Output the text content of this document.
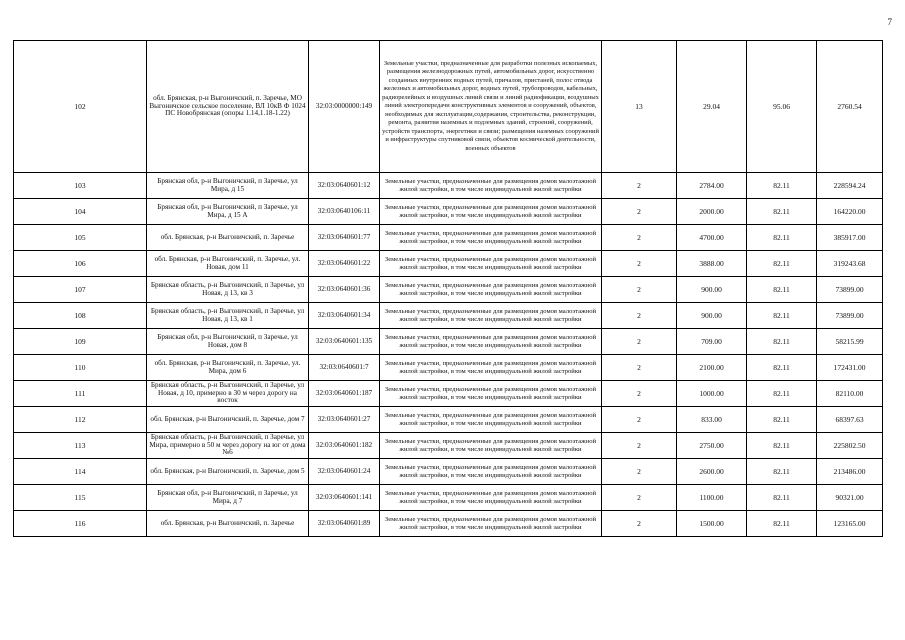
7
102	обл. Брянская, р-н Выгоничский, п. Заречье, МО Выгоничское сельское поселение, ВЛ 10кВ Ф 1024 ПС Новобрянская (опоры 1.14,1.18-1.22)	32:03:0000000:149	Земельные участки, предназначенные для разработки полезных ископаемых, размещения железнодорожных путей, автомобильных дорог, искусственно созданных внутренних водных путей, причалов, пристаней, полос отвода железных и автомобильных дорог, водных путей, трубопроводов, кабельных, радиорелейных и воздушных линий связи и линий радиофикации, воздушных линий электропередачи конструктивных элементов и сооружений, объектов, необходимых для эксплуатации,содержания, строительства, реконструкции, ремонта, развития наземных и подземных зданий, строений, сооружений, устройств транспорта, энергетики и связи; размещения наземных сооружений и инфраструктуры спутниковой связи, объектов космической деятельности, военных объектов	13	29.04	95.06	2760.54
103	Брянская обл, р-н Выгоничский, п Заречье, ул Мира, д 15	32:03:0640601:12	Земельные участки, предназначенные для размещения домов малоэтажной жилой застройки, в том числе индивидуальной жилой застройки	2	2784.00	82.11	228594.24
104	Брянская обл, р-н Выгоничский, п Заречье, ул Мира, д 15 А	32:03:0640106:11	Земельные участки, предназначенные для размещения домов малоэтажной жилой застройки, в том числе индивидуальной жилой застройки	2	2000.00	82.11	164220.00
105	обл. Брянская, р-н Выгоничский, п. Заречье	32:03:0640601:77	Земельные участки, предназначенные для размещения домов малоэтажной жилой застройки, в том числе индивидуальной жилой застройки	2	4700.00	82.11	385917.00
106	обл. Брянская, р-н Выгоничский, п. Заречье, ул. Новая, дом 11	32:03:0640601:22	Земельные участки, предназначенные для размещения домов малоэтажной жилой застройки, в том числе индивидуальной жилой застройки	2	3888.00	82.11	319243.68
107	Брянская область, р-н Выгоничский, п Заречье, ул Новая, д 13, кв 3	32:03:0640601:36	Земельные участки, предназначенные для размещения домов малоэтажной жилой застройки, в том числе индивидуальной жилой застройки	2	900.00	82.11	73899.00
108	Брянская область, р-н Выгоничский, п Заречье, ул Новая, д 13, кв 1	32:03:0640601:34	Земельные участки, предназначенные для размещения домов малоэтажной жилой застройки, в том числе индивидуальной жилой застройки	2	900.00	82.11	73899.00
109	Брянская обл, р-н Выгоничский, п Заречье, ул Новая, дом 8	32:03:0640601:135	Земельные участки, предназначенные для размещения домов малоэтажной жилой застройки, в том числе индивидуальной жилой застройки	2	709.00	82.11	58215.99
110	обл. Брянская, р-н Выгоничский, п. Заречье, ул. Мира, дом 6	32:03:0640601:7	Земельные участки, предназначенные для размещения домов малоэтажной жилой застройки, в том числе индивидуальной жилой застройки	2	2100.00	82.11	172431.00
111	Брянская область, р-н Выгоничский, п Заречье, ул Новая, д 10, примерно в 30 м через дорогу на восток	32:03:0640601:187	Земельные участки, предназначенные для размещения домов малоэтажной жилой застройки, в том числе индивидуальной жилой застройки	2	1000.00	82.11	82110.00
112	обл. Брянская, р-н Выгоничский, п. Заречье, дом 7	32:03:0640601:27	Земельные участки, предназначенные для размещения домов малоэтажной жилой застройки, в том числе индивидуальной жилой застройки	2	833.00	82.11	68397.63
113	Брянская область, р-н Выгоничский, п Заречье, ул Мира, примерно в 50 м через дорогу на юг от дома №6	32:03:0640601:182	Земельные участки, предназначенные для размещения домов малоэтажной жилой застройки, в том числе индивидуальной жилой застройки	2	2750.00	82.11	225802.50
114	обл. Брянская, р-н Выгоничский, п. Заречье, дом 5	32:03:0640601:24	Земельные участки, предназначенные для размещения домов малоэтажной жилой застройки, в том числе индивидуальной жилой застройки	2	2600.00	82.11	213486.00
115	Брянская обл, р-н Выгоничский, п Заречье, ул Мира, д 7	32:03:0640601:141	Земельные участки, предназначенные для размещения домов малоэтажной жилой застройки, в том числе индивидуальной жилой застройки	2	1100.00	82.11	90321.00
116	обл. Брянская, р-н Выгоничский, п. Заречье	32:03:0640601:89	Земельные участки, предназначенные для размещения домов малоэтажной жилой застройки, в том числе индивидуальной жилой застройки	2	1500.00	82.11	123165.00
